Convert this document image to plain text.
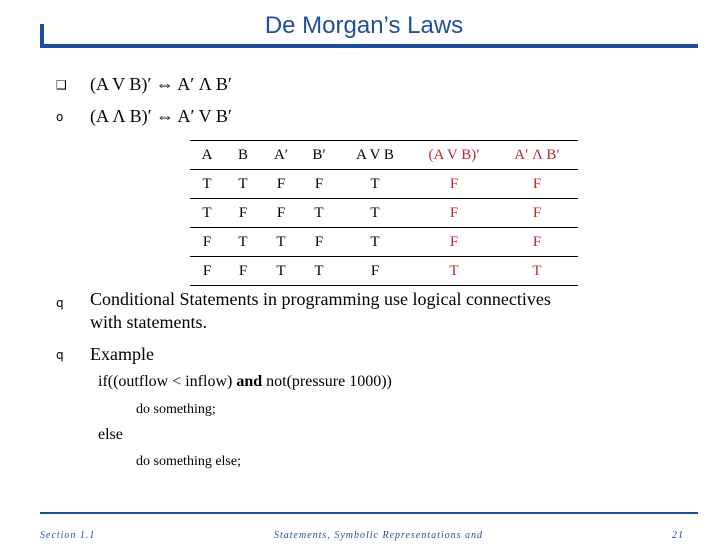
De Morgan’s Laws
❑ (A V B)′ ⇔ A′ Λ B′
o (A Λ B)′ ⇔ A′ V B′
A	B	A′	B′	A V B	(A V B)′	A′ Λ B′
T	T	F	F	T	F	F
T	F	F	T	T	F	F
F	T	T	F	T	F	F
F	F	T	T	F	T	T
q Conditional Statements in programming use logical connectives
with statements.
q Example
if((outflow < inflow) and not(pressure 1000))
do something;
else
do something else;
Section 1.1	Statements, Symbolic Representations and	21
